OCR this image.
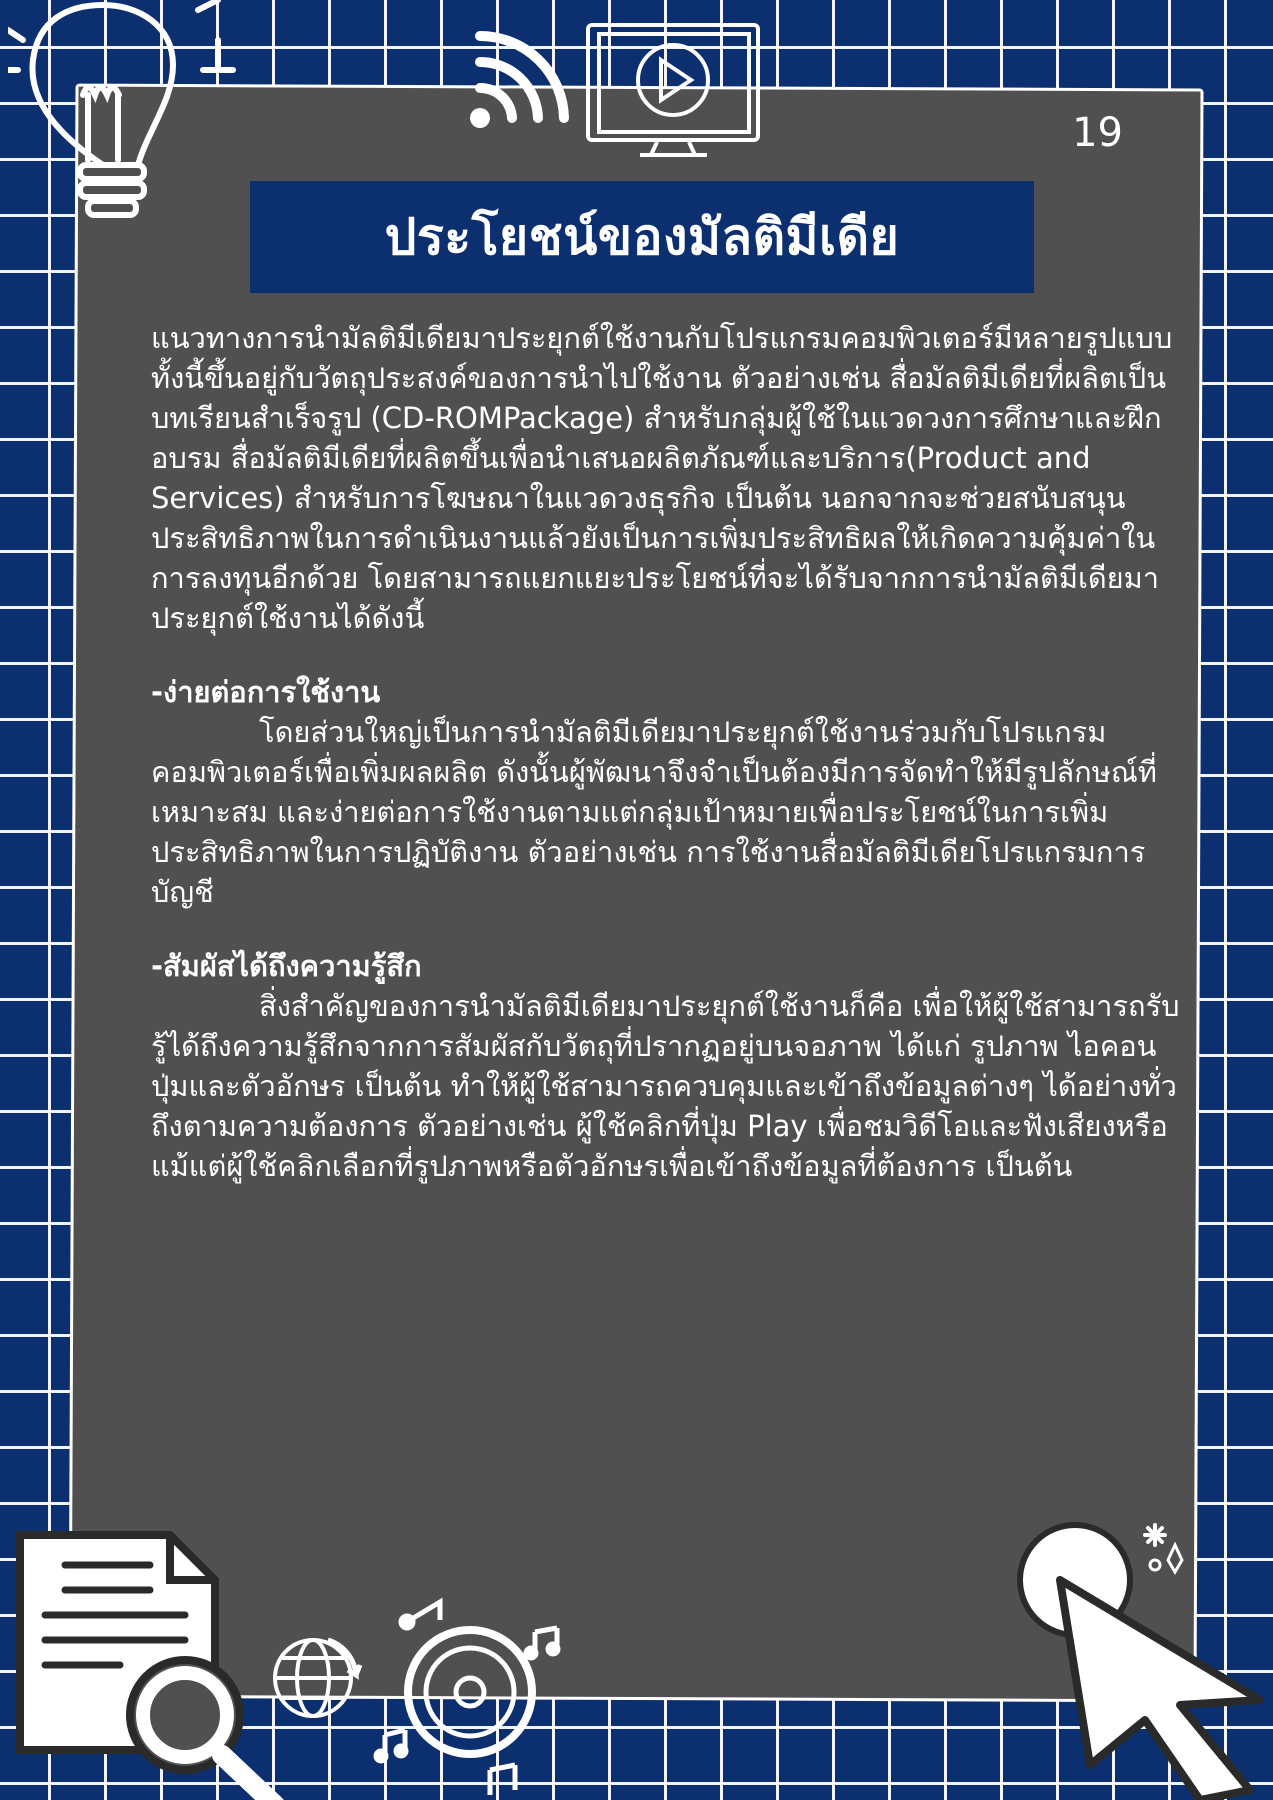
19
ประโยชน์ของมัลติมีเดีย

แนวทางการนำมัลติมีเดียมาประยุกต์ใช้งานกับโปรแกรมคอมพิวเตอร์มีหลายรูปแบบทั้งนี้ขึ้นอยู่กับวัตถุประสงค์ของการนำไปใช้งาน ตัวอย่างเช่น สื่อมัลติมีเดียที่ผลิตเป็นบทเรียนสำเร็จรูป (CD-ROMPackage) สำหรับกลุ่มผู้ใช้ในแวดวงการศึกษาและฝึกอบรม สื่อมัลติมีเดียที่ผลิตขึ้นเพื่อนำเสนอผลิตภัณฑ์และบริการ(Product and Services) สำหรับการโฆษณาในแวดวงธุรกิจ เป็นต้น นอกจากจะช่วยสนับสนุนประสิทธิภาพในการดำเนินงานแล้วยังเป็นการเพิ่มประสิทธิผลให้เกิดความคุ้มค่าในการลงทุนอีกด้วย โดยสามารถแยกแยะประโยชน์ที่จะได้รับจากการนำมัลติมีเดียมาประยุกต์ใช้งานได้ดังนี้

-ง่ายต่อการใช้งาน

โดยส่วนใหญ่เป็นการนำมัลติมีเดียมาประยุกต์ใช้งานร่วมกับโปรแกรมคอมพิวเตอร์เพื่อเพิ่มผลผลิต ดังนั้นผู้พัฒนาจึงจำเป็นต้องมีการจัดทำให้มีรูปลักษณ์ที่เหมาะสม และง่ายต่อการใช้งานตามแต่กลุ่มเป้าหมายเพื่อประโยชน์ในการเพิ่มประสิทธิภาพในการปฏิบัติงาน ตัวอย่างเช่น การใช้งานสื่อมัลติมีเดียโปรแกรมการบัญชี

-สัมผัสได้ถึงความรู้สึก

สิ่งสำคัญของการนำมัลติมีเดียมาประยุกต์ใช้งานก็คือ เพื่อให้ผู้ใช้สามารถรับรู้ได้ถึงความรู้สึกจากการสัมผัสกับวัตถุที่ปรากฏอยู่บนจอภาพ ได้แก่ รูปภาพ ไอคอน ปุ่มและตัวอักษร เป็นต้น ทำให้ผู้ใช้สามารถควบคุมและเข้าถึงข้อมูลต่างๆ ได้อย่างทั่วถึงตามความต้องการ ตัวอย่างเช่น ผู้ใช้คลิกที่ปุ่ม Play เพื่อชมวิดีโอและฟังเสียงหรือแม้แต่ผู้ใช้คลิกเลือกที่รูปภาพหรือตัวอักษรเพื่อเข้าถึงข้อมูลที่ต้องการ เป็นต้น
